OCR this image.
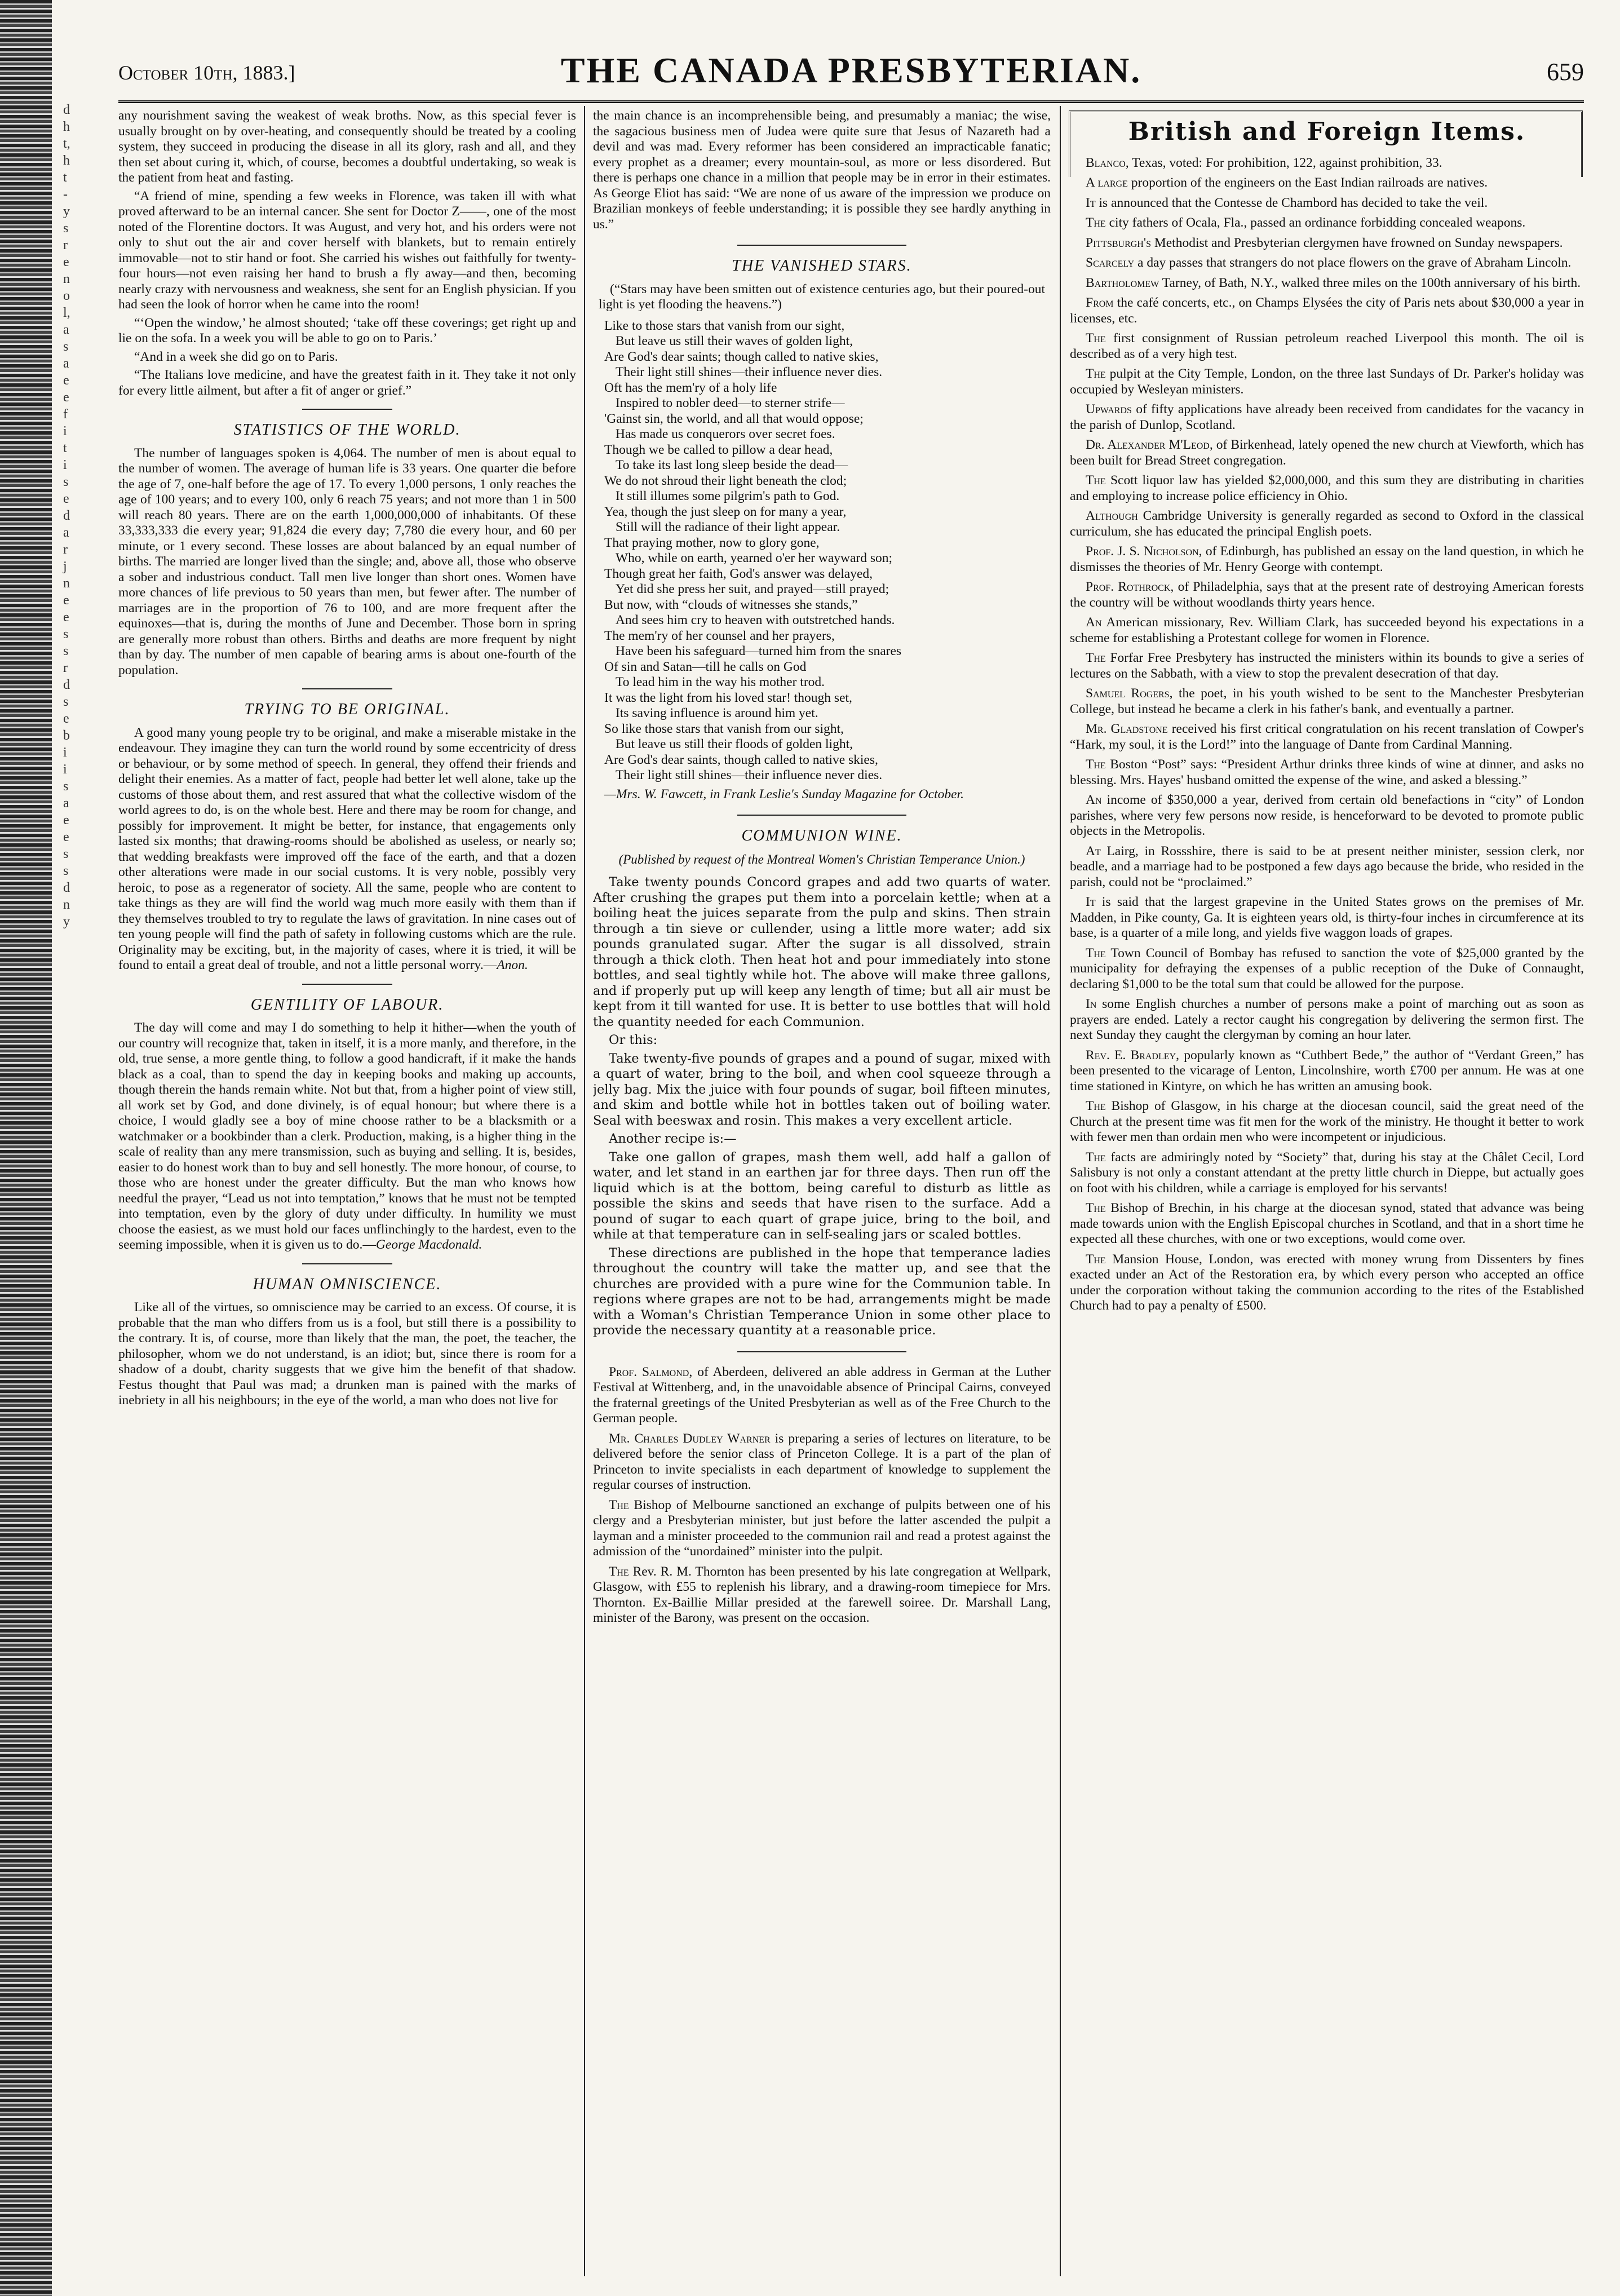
d
h
t,
h
t
-
y
s
r
e
n
o
l,
a
s
a
e
e
f
i
t
i
s
e
d
a
r
j
n
e
e
s
s
r
d
s
e
b
i
i
s
a
e
e
s
s
d
n
y
October 10th, 1883.]	THE CANADA PRESBYTERIAN.	659

any nourishment saving the weakest of weak broths. Now, as this special fever is usually brought on by over-heating, and consequently should be treated by a cooling system, they succeed in producing the disease in all its glory, rash and all, and they then set about curing it, which, of course, becomes a doubtful undertaking, so weak is the patient from heat and fasting.

“A friend of mine, spending a few weeks in Florence, was taken ill with what proved afterward to be an internal cancer. She sent for Doctor Z——, one of the most noted of the Florentine doctors. It was August, and very hot, and his orders were not only to shut out the air and cover herself with blankets, but to remain entirely immovable—not to stir hand or foot. She carried his wishes out faithfully for twenty-four hours—not even raising her hand to brush a fly away—and then, becoming nearly crazy with nervousness and weakness, she sent for an English physician. If you had seen the look of horror when he came into the room!

“‘Open the window,’ he almost shouted; ‘take off these coverings; get right up and lie on the sofa. In a week you will be able to go on to Paris.’

“And in a week she did go on to Paris.

“The Italians love medicine, and have the greatest faith in it. They take it not only for every little ailment, but after a fit of anger or grief.”

STATISTICS OF THE WORLD.

The number of languages spoken is 4,064. The number of men is about equal to the number of women. The average of human life is 33 years. One quarter die before the age of 7, one-half before the age of 17. To every 1,000 persons, 1 only reaches the age of 100 years; and to every 100, only 6 reach 75 years; and not more than 1 in 500 will reach 80 years. There are on the earth 1,000,000,000 of inhabitants. Of these 33,333,333 die every year; 91,824 die every day; 7,780 die every hour, and 60 per minute, or 1 every second. These losses are about balanced by an equal number of births. The married are longer lived than the single; and, above all, those who observe a sober and industrious conduct. Tall men live longer than short ones. Women have more chances of life previous to 50 years than men, but fewer after. The number of marriages are in the proportion of 76 to 100, and are more frequent after the equinoxes—that is, during the months of June and December. Those born in spring are generally more robust than others. Births and deaths are more frequent by night than by day. The number of men capable of bearing arms is about one-fourth of the population.

TRYING TO BE ORIGINAL.

A good many young people try to be original, and make a miserable mistake in the endeavour. They imagine they can turn the world round by some eccentricity of dress or behaviour, or by some method of speech. In general, they offend their friends and delight their enemies. As a matter of fact, people had better let well alone, take up the customs of those about them, and rest assured that what the collective wisdom of the world agrees to do, is on the whole best. Here and there may be room for change, and possibly for improvement. It might be better, for instance, that engagements only lasted six months; that drawing-rooms should be abolished as useless, or nearly so; that wedding breakfasts were improved off the face of the earth, and that a dozen other alterations were made in our social customs. It is very noble, possibly very heroic, to pose as a regenerator of society. All the same, people who are content to take things as they are will find the world wag much more easily with them than if they themselves troubled to try to regulate the laws of gravitation. In nine cases out of ten young people will find the path of safety in following customs which are the rule. Originality may be exciting, but, in the majority of cases, where it is tried, it will be found to entail a great deal of trouble, and not a little personal worry.—Anon.

GENTILITY OF LABOUR.

The day will come and may I do something to help it hither—when the youth of our country will recognize that, taken in itself, it is a more manly, and therefore, in the old, true sense, a more gentle thing, to follow a good handicraft, if it make the hands black as a coal, than to spend the day in keeping books and making up accounts, though therein the hands remain white. Not but that, from a higher point of view still, all work set by God, and done divinely, is of equal honour; but where there is a choice, I would gladly see a boy of mine choose rather to be a blacksmith or a watchmaker or a bookbinder than a clerk. Production, making, is a higher thing in the scale of reality than any mere transmission, such as buying and selling. It is, besides, easier to do honest work than to buy and sell honestly. The more honour, of course, to those who are honest under the greater difficulty. But the man who knows how needful the prayer, “Lead us not into temptation,” knows that he must not be tempted into temptation, even by the glory of duty under difficulty. In humility we must choose the easiest, as we must hold our faces unflinchingly to the hardest, even to the seeming impossible, when it is given us to do.—George Macdonald.

HUMAN OMNISCIENCE.

Like all of the virtues, so omniscience may be carried to an excess. Of course, it is probable that the man who differs from us is a fool, but still there is a possibility to the contrary. It is, of course, more than likely that the man, the poet, the teacher, the philosopher, whom we do not understand, is an idiot; but, since there is room for a shadow of a doubt, charity suggests that we give him the benefit of that shadow. Festus thought that Paul was mad; a drunken man is pained with the marks of inebriety in all his neighbours; in the eye of the world, a man who does not live for

the main chance is an incomprehensible being, and presumably a maniac; the wise, the sagacious business men of Judea were quite sure that Jesus of Nazareth had a devil and was mad. Every reformer has been considered an impracticable fanatic; every prophet as a dreamer; every mountain-soul, as more or less disordered. But there is perhaps one chance in a million that people may be in error in their estimates. As George Eliot has said: “We are none of us aware of the impression we produce on Brazilian monkeys of feeble understanding; it is possible they see hardly anything in us.”

THE VANISHED STARS.

(“Stars may have been smitten out of existence centuries ago, but their poured-out light is yet flooding the heavens.”)

Like to those stars that vanish from our sight,
But leave us still their waves of golden light,
Are God's dear saints; though called to native skies,
Their light still shines—their influence never dies.
Oft has the mem'ry of a holy life
Inspired to nobler deed—to sterner strife—
'Gainst sin, the world, and all that would oppose;
Has made us conquerors over secret foes.
Though we be called to pillow a dear head,
To take its last long sleep beside the dead—
We do not shroud their light beneath the clod;
It still illumes some pilgrim's path to God.
Yea, though the just sleep on for many a year,
Still will the radiance of their light appear.
That praying mother, now to glory gone,
Who, while on earth, yearned o'er her wayward son;
Though great her faith, God's answer was delayed,
Yet did she press her suit, and prayed—still prayed;
But now, with “clouds of witnesses she stands,”
And sees him cry to heaven with outstretched hands.
The mem'ry of her counsel and her prayers,
Have been his safeguard—turned him from the snares
Of sin and Satan—till he calls on God
To lead him in the way his mother trod.
It was the light from his loved star! though set,
Its saving influence is around him yet.
So like those stars that vanish from our sight,
But leave us still their floods of golden light,
Are God's dear saints, though called to native skies,
Their light still shines—their influence never dies.

—Mrs. W. Fawcett, in Frank Leslie's Sunday Magazine for October.

COMMUNION WINE.
(Published by request of the Montreal Women's Christian Temperance Union.)

Take twenty pounds Concord grapes and add two quarts of water. After crushing the grapes put them into a porcelain kettle; when at a boiling heat the juices separate from the pulp and skins. Then strain through a tin sieve or cullender, using a little more water; add six pounds granulated sugar. After the sugar is all dissolved, strain through a thick cloth. Then heat hot and pour immediately into stone bottles, and seal tightly while hot. The above will make three gallons, and if properly put up will keep any length of time; but all air must be kept from it till wanted for use. It is better to use bottles that will hold the quantity needed for each Communion.

Or this:

Take twenty-five pounds of grapes and a pound of sugar, mixed with a quart of water, bring to the boil, and when cool squeeze through a jelly bag. Mix the juice with four pounds of sugar, boil fifteen minutes, and skim and bottle while hot in bottles taken out of boiling water. Seal with beeswax and rosin. This makes a very excellent article.

Another recipe is:—

Take one gallon of grapes, mash them well, add half a gallon of water, and let stand in an earthen jar for three days. Then run off the liquid which is at the bottom, being careful to disturb as little as possible the skins and seeds that have risen to the surface. Add a pound of sugar to each quart of grape juice, bring to the boil, and while at that temperature can in self-sealing jars or scaled bottles.

These directions are published in the hope that temperance ladies throughout the country will take the matter up, and see that the churches are provided with a pure wine for the Communion table. In regions where grapes are not to be had, arrangements might be made with a Woman's Christian Temperance Union in some other place to provide the necessary quantity at a reasonable price.

Prof. Salmond, of Aberdeen, delivered an able address in German at the Luther Festival at Wittenberg, and, in the unavoidable absence of Principal Cairns, conveyed the fraternal greetings of the United Presbyterian as well as of the Free Church to the German people.

Mr. Charles Dudley Warner is preparing a series of lectures on literature, to be delivered before the senior class of Princeton College. It is a part of the plan of Princeton to invite specialists in each department of knowledge to supplement the regular courses of instruction.

The Bishop of Melbourne sanctioned an exchange of pulpits between one of his clergy and a Presbyterian minister, but just before the latter ascended the pulpit a layman and a minister proceeded to the communion rail and read a protest against the admission of the “unordained” minister into the pulpit.

The Rev. R. M. Thornton has been presented by his late congregation at Wellpark, Glasgow, with £55 to replenish his library, and a drawing-room timepiece for Mrs. Thornton. Ex-Baillie Millar presided at the farewell soiree. Dr. Marshall Lang, minister of the Barony, was present on the occasion.

British and Foreign Items.

Blanco, Texas, voted: For prohibition, 122, against prohibition, 33.

A large proportion of the engineers on the East Indian railroads are natives.

It is announced that the Contesse de Chambord has decided to take the veil.

The city fathers of Ocala, Fla., passed an ordinance forbidding concealed weapons.

Pittsburgh's Methodist and Presbyterian clergymen have frowned on Sunday newspapers.

Scarcely a day passes that strangers do not place flowers on the grave of Abraham Lincoln.

Bartholomew Tarney, of Bath, N.Y., walked three miles on the 100th anniversary of his birth.

From the café concerts, etc., on Champs Elysées the city of Paris nets about $30,000 a year in licenses, etc.

The first consignment of Russian petroleum reached Liverpool this month. The oil is described as of a very high test.

The pulpit at the City Temple, London, on the three last Sundays of Dr. Parker's holiday was occupied by Wesleyan ministers.

Upwards of fifty applications have already been received from candidates for the vacancy in the parish of Dunlop, Scotland.

Dr. Alexander M'Leod, of Birkenhead, lately opened the new church at Viewforth, which has been built for Bread Street congregation.

The Scott liquor law has yielded $2,000,000, and this sum they are distributing in charities and employing to increase police efficiency in Ohio.

Although Cambridge University is generally regarded as second to Oxford in the classical curriculum, she has educated the principal English poets.

Prof. J. S. Nicholson, of Edinburgh, has published an essay on the land question, in which he dismisses the theories of Mr. Henry George with contempt.

Prof. Rothrock, of Philadelphia, says that at the present rate of destroying American forests the country will be without woodlands thirty years hence.

An American missionary, Rev. William Clark, has succeeded beyond his expectations in a scheme for establishing a Protestant college for women in Florence.

The Forfar Free Presbytery has instructed the ministers within its bounds to give a series of lectures on the Sabbath, with a view to stop the prevalent desecration of that day.

Samuel Rogers, the poet, in his youth wished to be sent to the Manchester Presbyterian College, but instead he became a clerk in his father's bank, and eventually a partner.

Mr. Gladstone received his first critical congratulation on his recent translation of Cowper's “Hark, my soul, it is the Lord!” into the language of Dante from Cardinal Manning.

The Boston “Post” says: “President Arthur drinks three kinds of wine at dinner, and asks no blessing. Mrs. Hayes' husband omitted the expense of the wine, and asked a blessing.”

An income of $350,000 a year, derived from certain old benefactions in “city” of London parishes, where very few persons now reside, is henceforward to be devoted to promote public objects in the Metropolis.

At Lairg, in Rossshire, there is said to be at present neither minister, session clerk, nor beadle, and a marriage had to be postponed a few days ago because the bride, who resided in the parish, could not be “proclaimed.”

It is said that the largest grapevine in the United States grows on the premises of Mr. Madden, in Pike county, Ga. It is eighteen years old, is thirty-four inches in circumference at its base, is a quarter of a mile long, and yields five waggon loads of grapes.

The Town Council of Bombay has refused to sanction the vote of $25,000 granted by the municipality for defraying the expenses of a public reception of the Duke of Connaught, declaring $1,000 to be the total sum that could be allowed for the purpose.

In some English churches a number of persons make a point of marching out as soon as prayers are ended. Lately a rector caught his congregation by delivering the sermon first. The next Sunday they caught the clergyman by coming an hour later.

Rev. E. Bradley, popularly known as “Cuthbert Bede,” the author of “Verdant Green,” has been presented to the vicarage of Lenton, Lincolnshire, worth £700 per annum. He was at one time stationed in Kintyre, on which he has written an amusing book.

The Bishop of Glasgow, in his charge at the diocesan council, said the great need of the Church at the present time was fit men for the work of the ministry. He thought it better to work with fewer men than ordain men who were incompetent or injudicious.

The facts are admiringly noted by “Society” that, during his stay at the Châlet Cecil, Lord Salisbury is not only a constant attendant at the pretty little church in Dieppe, but actually goes on foot with his children, while a carriage is employed for his servants!

The Bishop of Brechin, in his charge at the diocesan synod, stated that advance was being made towards union with the English Episcopal churches in Scotland, and that in a short time he expected all these churches, with one or two exceptions, would come over.

The Mansion House, London, was erected with money wrung from Dissenters by fines exacted under an Act of the Restoration era, by which every person who accepted an office under the corporation without taking the communion according to the rites of the Established Church had to pay a penalty of £500.
